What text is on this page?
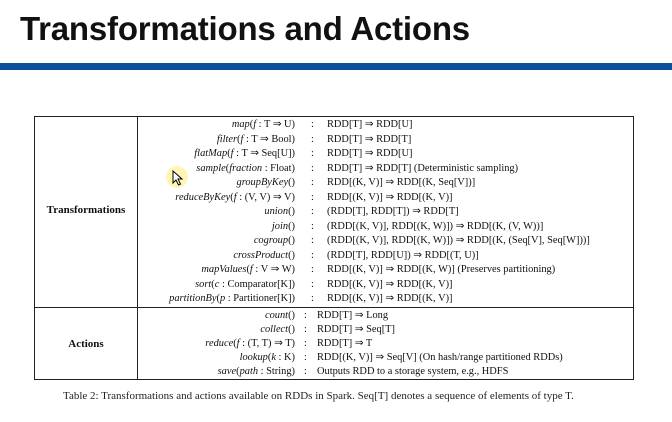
Transformations and Actions
Transformations
map(f : T ⇒ U) : RDD[T] ⇒ RDD[U]
filter(f : T ⇒ Bool) : RDD[T] ⇒ RDD[T]
flatMap(f : T ⇒ Seq[U]) : RDD[T] ⇒ RDD[U]
sample(fraction : Float) : RDD[T] ⇒ RDD[T] (Deterministic sampling)
groupByKey() : RDD[(K, V)] ⇒ RDD[(K, Seq[V])]
reduceByKey(f : (V, V) ⇒ V) : RDD[(K, V)] ⇒ RDD[(K, V)]
union() : (RDD[T], RDD[T]) ⇒ RDD[T]
join() : (RDD[(K, V)], RDD[(K, W)]) ⇒ RDD[(K, (V, W))]
cogroup() : (RDD[(K, V)], RDD[(K, W)]) ⇒ RDD[(K, (Seq[V], Seq[W]))]
crossProduct() : (RDD[T], RDD[U]) ⇒ RDD[(T, U)]
mapValues(f : V ⇒ W) : RDD[(K, V)] ⇒ RDD[(K, W)] (Preserves partitioning)
sort(c : Comparator[K]) : RDD[(K, V)] ⇒ RDD[(K, V)]
partitionBy(p : Partitioner[K]) : RDD[(K, V)] ⇒ RDD[(K, V)]
Actions
count() : RDD[T] ⇒ Long
collect() : RDD[T] ⇒ Seq[T]
reduce(f : (T, T) ⇒ T) : RDD[T] ⇒ T
lookup(k : K) : RDD[(K, V)] ⇒ Seq[V] (On hash/range partitioned RDDs)
save(path : String) : Outputs RDD to a storage system, e.g., HDFS
Table 2: Transformations and actions available on RDDs in Spark. Seq[T] denotes a sequence of elements of type T.
